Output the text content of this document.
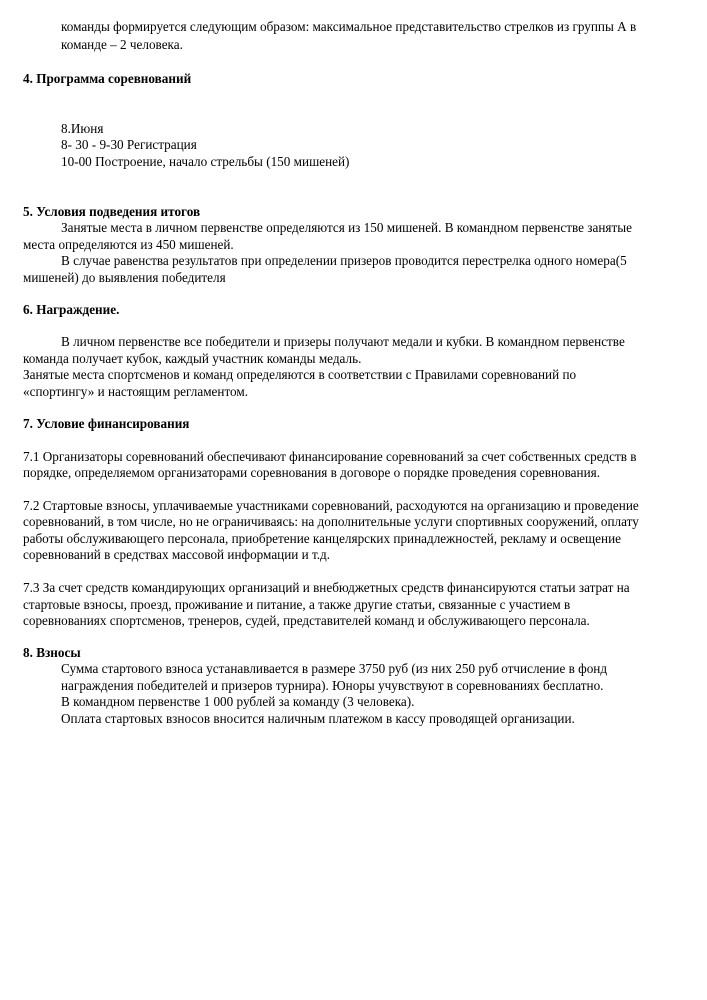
команды формируется следующим образом: максимальное представительство стрелков из группы А в
команде – 2 человека.
4. Программа соревнований
8.Июня
8- 30 - 9-30 Регистрация
10-00 Построение, начало стрельбы (150 мишеней)
5. Условия подведения итогов
Занятые места в личном первенстве определяются из 150 мишеней. В командном первенстве занятые
места определяются из 450 мишеней.
В случае равенства результатов при определении призеров проводится перестрелка одного номера(5
мишеней) до выявления победителя
6. Награждение.
В личном первенстве все победители и призеры получают медали и кубки. В командном первенстве
команда получает кубок, каждый участник команды медаль.
Занятые места спортсменов и команд определяются в соответствии с Правилами соревнований по
«спортингу» и настоящим регламентом.
7. Условие финансирования
7.1 Организаторы соревнований обеспечивают финансирование соревнований за счет собственных средств в
порядке, определяемом организаторами соревнования в договоре о порядке проведения соревнования.
7.2 Стартовые взносы, уплачиваемые участниками соревнований, расходуются на организацию и проведение
соревнований, в том числе, но не ограничиваясь: на дополнительные услуги спортивных сооружений, оплату
работы обслуживающего персонала, приобретение канцелярских принадлежностей, рекламу и освещение
соревнований в средствах массовой информации и т.д.
7.3 За счет средств командирующих организаций и внебюджетных средств финансируются статьи затрат на
стартовые взносы, проезд, проживание и питание, а также другие статьи, связанные с участием в
соревнованиях спортсменов, тренеров, судей, представителей команд и обслуживающего персонала.
8. Взносы
Сумма стартового взноса устанавливается в размере 3750 руб (из них 250 руб отчисление в фонд
награждения победителей и призеров турнира). Юноры учувствуют в соревнованиях бесплатно.
В командном первенстве 1 000 рублей за команду (3 человека).
Оплата стартовых взносов вносится наличным платежом в кассу проводящей организации.
